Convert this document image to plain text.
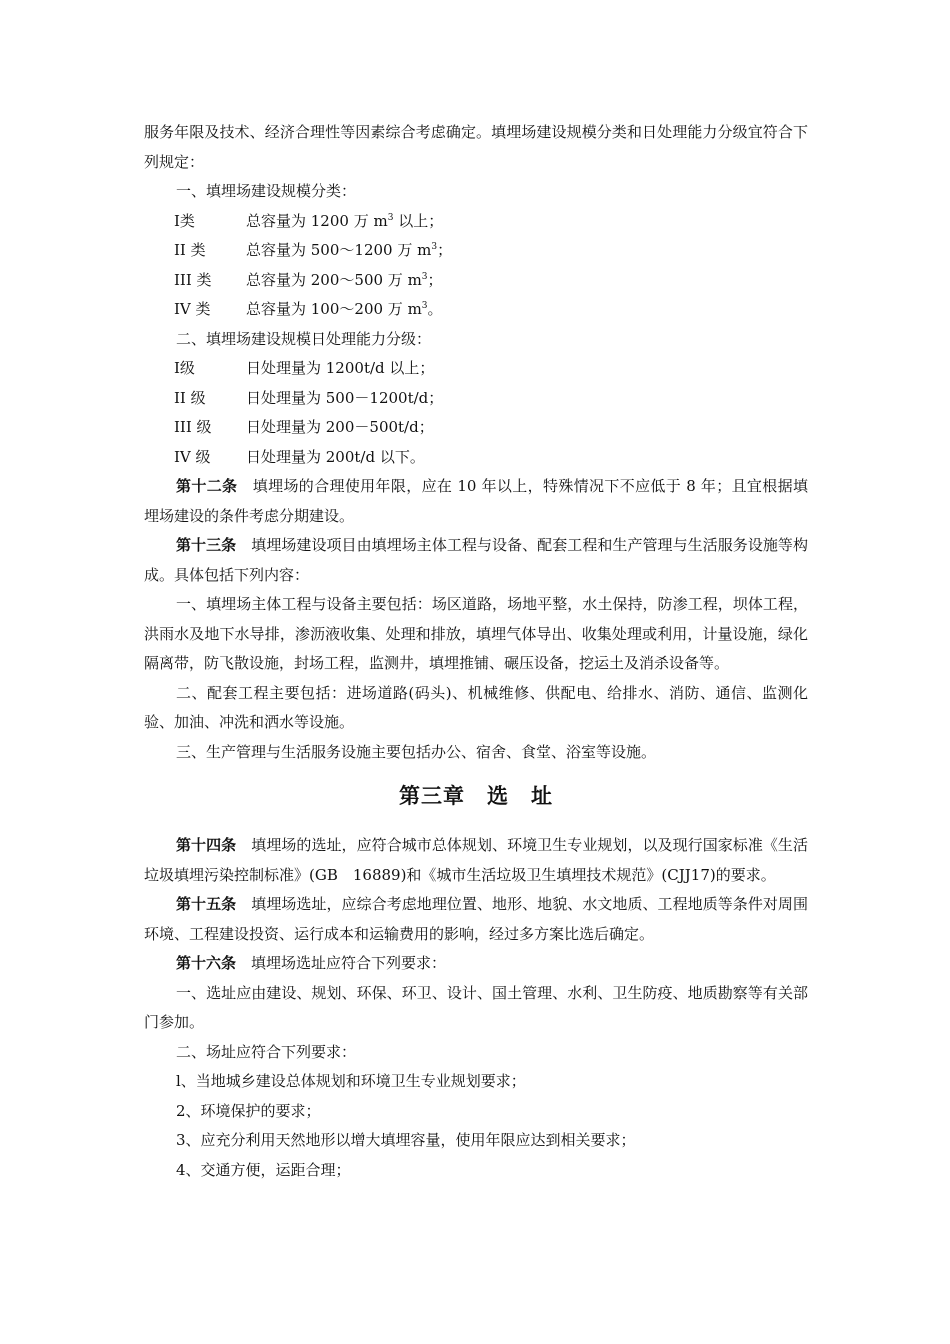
服务年限及技术、经济合理性等因素综合考虑确定。填埋场建设规模分类和日处理能力分级宜符合下列规定：

一、填埋场建设规模分类：

Ⅰ类	总容量为 1200 万 $m^3$ 以上；

II 类	总容量为 500～1200 万 $m^3$；

III 类 总容量为 200～500 万 $m^3$；

IV 类 总容量为 100～200 万 $m^3$。

二、填埋场建设规模日处理能力分级：

Ⅰ级	日处理量为 1200t/d 以上；

II 级	日处理量为 500－1200t/d；

III 级 日处理量为 200－500t/d；

IV 级 日处理量为 200t/d 以下。

第十二条　 填埋场的合理使用年限，应在 10 年以上，特殊情况下不应低于 8 年；且宜根据填埋场建设的条件考虑分期建设。

第十三条　 填埋场建设项目由填埋场主体工程与设备、配套工程和生产管理与生活服务设施等构成。具体包括下列内容：

一、填埋场主体工程与设备主要包括：场区道路，场地平整，水土保持，防渗工程，坝体工程，洪雨水及地下水导排，渗沥液收集、处理和排放，填埋气体导出、收集处理或利用，计量设施，绿化隔离带，防飞散设施，封场工程，监测井，填埋推铺、碾压设备，挖运土及消杀设备等。

二、配套工程主要包括：进场道路(码头)、机械维修、供配电、给排水、消防、通信、监测化验、加油、冲洗和洒水等设施。

三、生产管理与生活服务设施主要包括办公、宿舍、食堂、浴室等设施。

第三章　选　址

第十四条　 填埋场的选址，应符合城市总体规划、环境卫生专业规划，以及现行国家标准《生活垃圾填埋污染控制标准》(GB　16889)和《城市生活垃圾卫生填埋技术规范》(CJJ17)的要求。

第十五条　 填埋场选址，应综合考虑地理位置、地形、地貌、水文地质、工程地质等条件对周围环境、工程建设投资、运行成本和运输费用的影响，经过多方案比选后确定。

第十六条　 填埋场选址应符合下列要求：

一、选址应由建设、规划、环保、环卫、设计、国土管理、水利、卫生防疫、地质勘察等有关部门参加。

二、场址应符合下列要求：

l、当地城乡建设总体规划和环境卫生专业规划要求；

2、环境保护的要求；

3、应充分利用天然地形以增大填埋容量，使用年限应达到相关要求；

4、交通方便，运距合理；
